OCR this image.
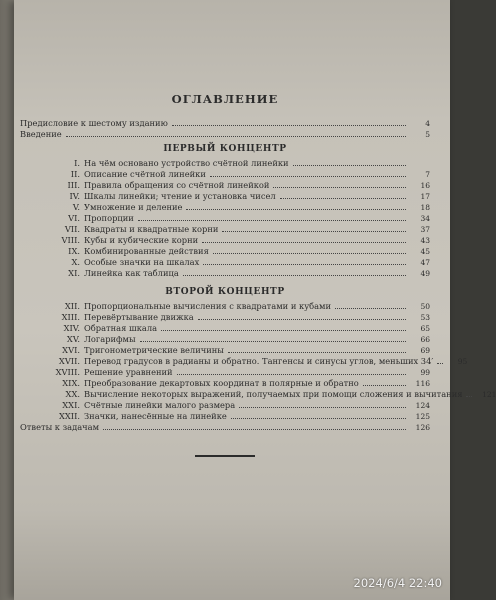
ОГЛАВЛЕНИЕ
Предисловие к шестому изданию	4
Введение	5
ПЕРВЫЙ КОНЦЕНТР
I. На чём основано устройство счётной линейки
II. Описание счётной линейки	7
III. Правила обращения со счётной линейкой	16
IV. Шкалы линейки; чтение и установка чисел	17
V. Умножение и деление	18
VI. Пропорции	34
VII. Квадраты и квадратные корни	37
VIII. Кубы и кубические корни	43
IX. Комбинированные действия	45
X. Особые значки на шкалах	47
XI. Линейка как таблица	49
ВТОРОЙ КОНЦЕНТР
XII. Пропорциональные вычисления с квадратами и кубами	50
XIII. Перевёртывание движка	53
XIV. Обратная шкала	65
XV. Логарифмы	66
XVI. Тригонометрические величины	69
XVII. Перевод градусов в радианы и обратно. Тангенсы и синусы углов, меньших 34′	95
XVIII. Решение уравнений	99
XIX. Преобразование декартовых координат в полярные и обратно	116
XX. Вычисление некоторых выражений, получаемых при помощи сложения и вычитания	121
XXI. Счётные линейки малого размера	124
XXII. Значки, нанесённые на линейке	125
Ответы к задачам	126
2024/6/4 22:40
